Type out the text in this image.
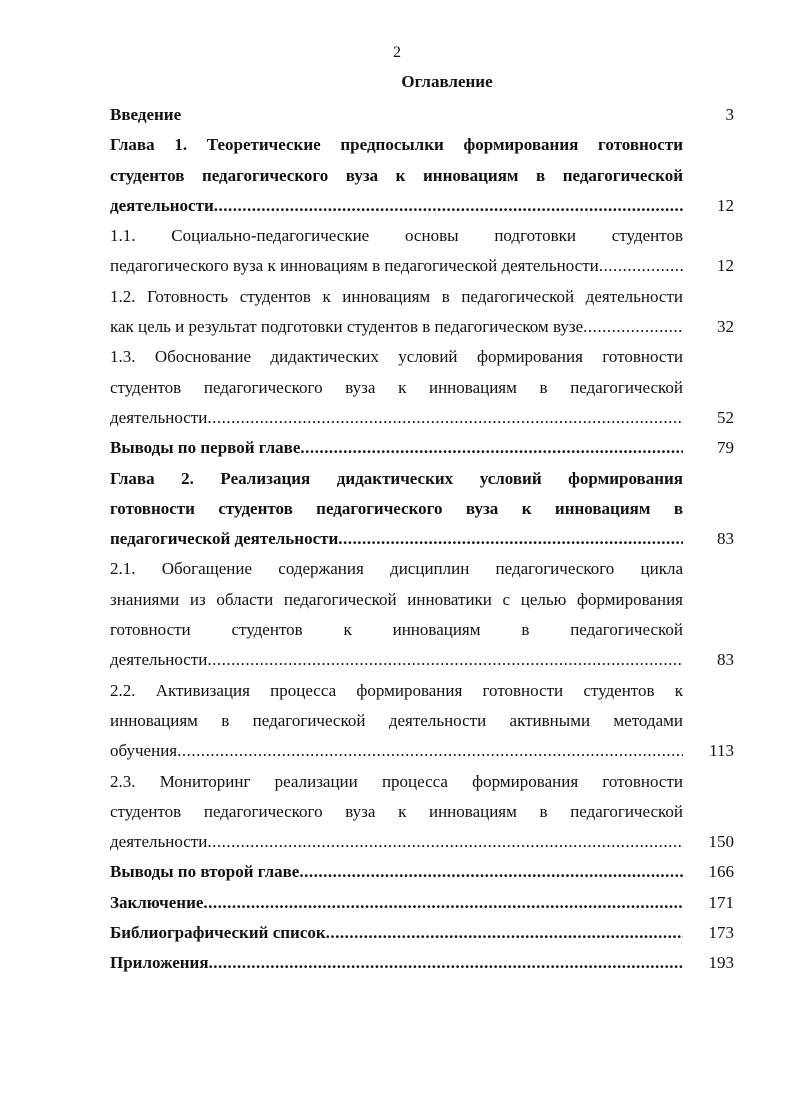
2
Оглавление
Введение	3
Глава 1. Теоретические предпосылки формирования готовности
студентов педагогического вуза к инновациям в педагогической
деятельности .....	12
1.1. Социально-педагогические основы подготовки студентов
педагогического вуза к инновациям в педагогической деятельности .....	12
1.2. Готовность студентов к инновациям в педагогической деятельности
как цель и результат подготовки студентов в педагогическом вузе .....	32
1.3. Обоснование дидактических условий формирования готовности
студентов педагогического вуза к инновациям в педагогической
деятельности .....	52
Выводы по первой главе .....	79
Глава 2. Реализация дидактических условий формирования
готовности студентов педагогического вуза к инновациям в
педагогической деятельности .....	83
2.1. Обогащение содержания дисциплин педагогического цикла
знаниями из области педагогической инноватики с целью формирования
готовности студентов к инновациям в педагогической
деятельности .....	83
2.2. Активизация процесса формирования готовности студентов к
инновациям в педагогической деятельности активными методами
обучения .....	113
2.3. Мониторинг реализации процесса формирования готовности
студентов педагогического вуза к инновациям в педагогической
деятельности .....	150
Выводы по второй главе .....	166
Заключение .....	171
Библиографический список .....	173
Приложения .....	193
